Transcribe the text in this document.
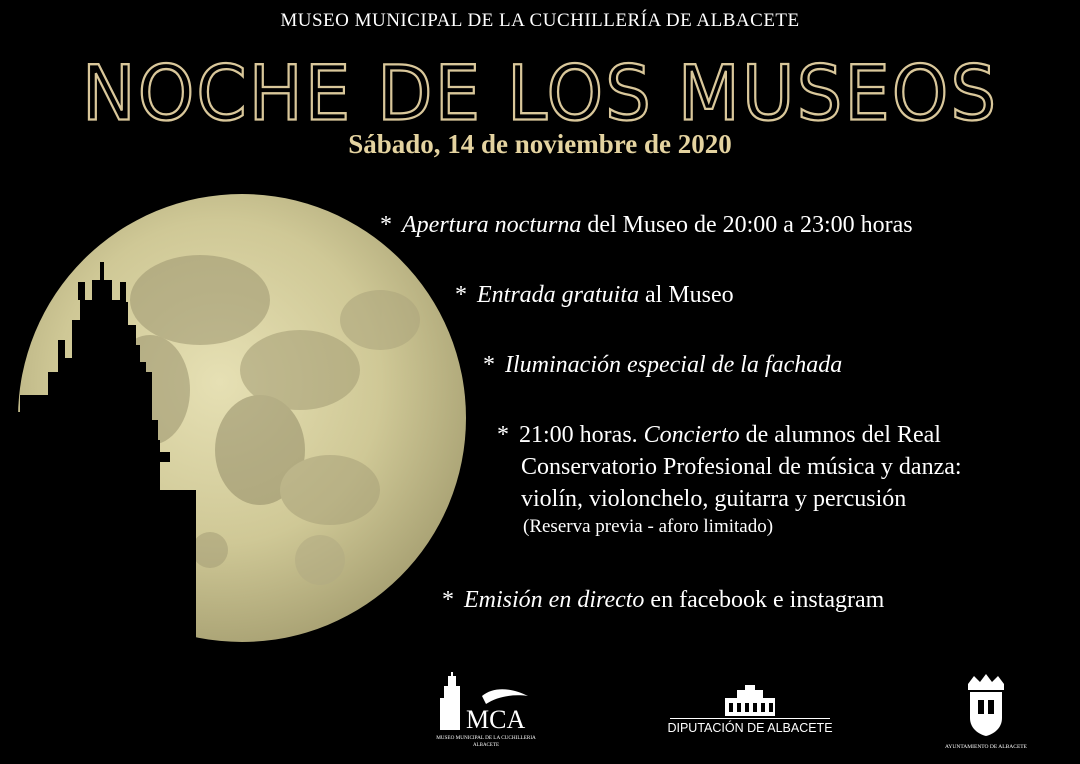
MUSEO MUNICIPAL DE LA CUCHILLERÍA DE ALBACETE
NOCHE DE LOS MUSEOS
Sábado, 14 de noviembre de 2020
* Apertura nocturna del Museo de 20:00 a 23:00 horas
* Entrada gratuita al Museo
* Iluminación especial de la fachada
* 21:00 horas. Concierto de alumnos del Real
Conservatorio Profesional de música y danza:
violín, violonchelo, guitarra y percusión
(Reserva previa - aforo limitado)
* Emisión en directo en facebook e instagram
MCA
MUSEO MUNICIPAL DE LA CUCHILLERIA
ALBACETE
DIPUTACIÓN DE ALBACETE
AYUNTAMIENTO DE ALBACETE
